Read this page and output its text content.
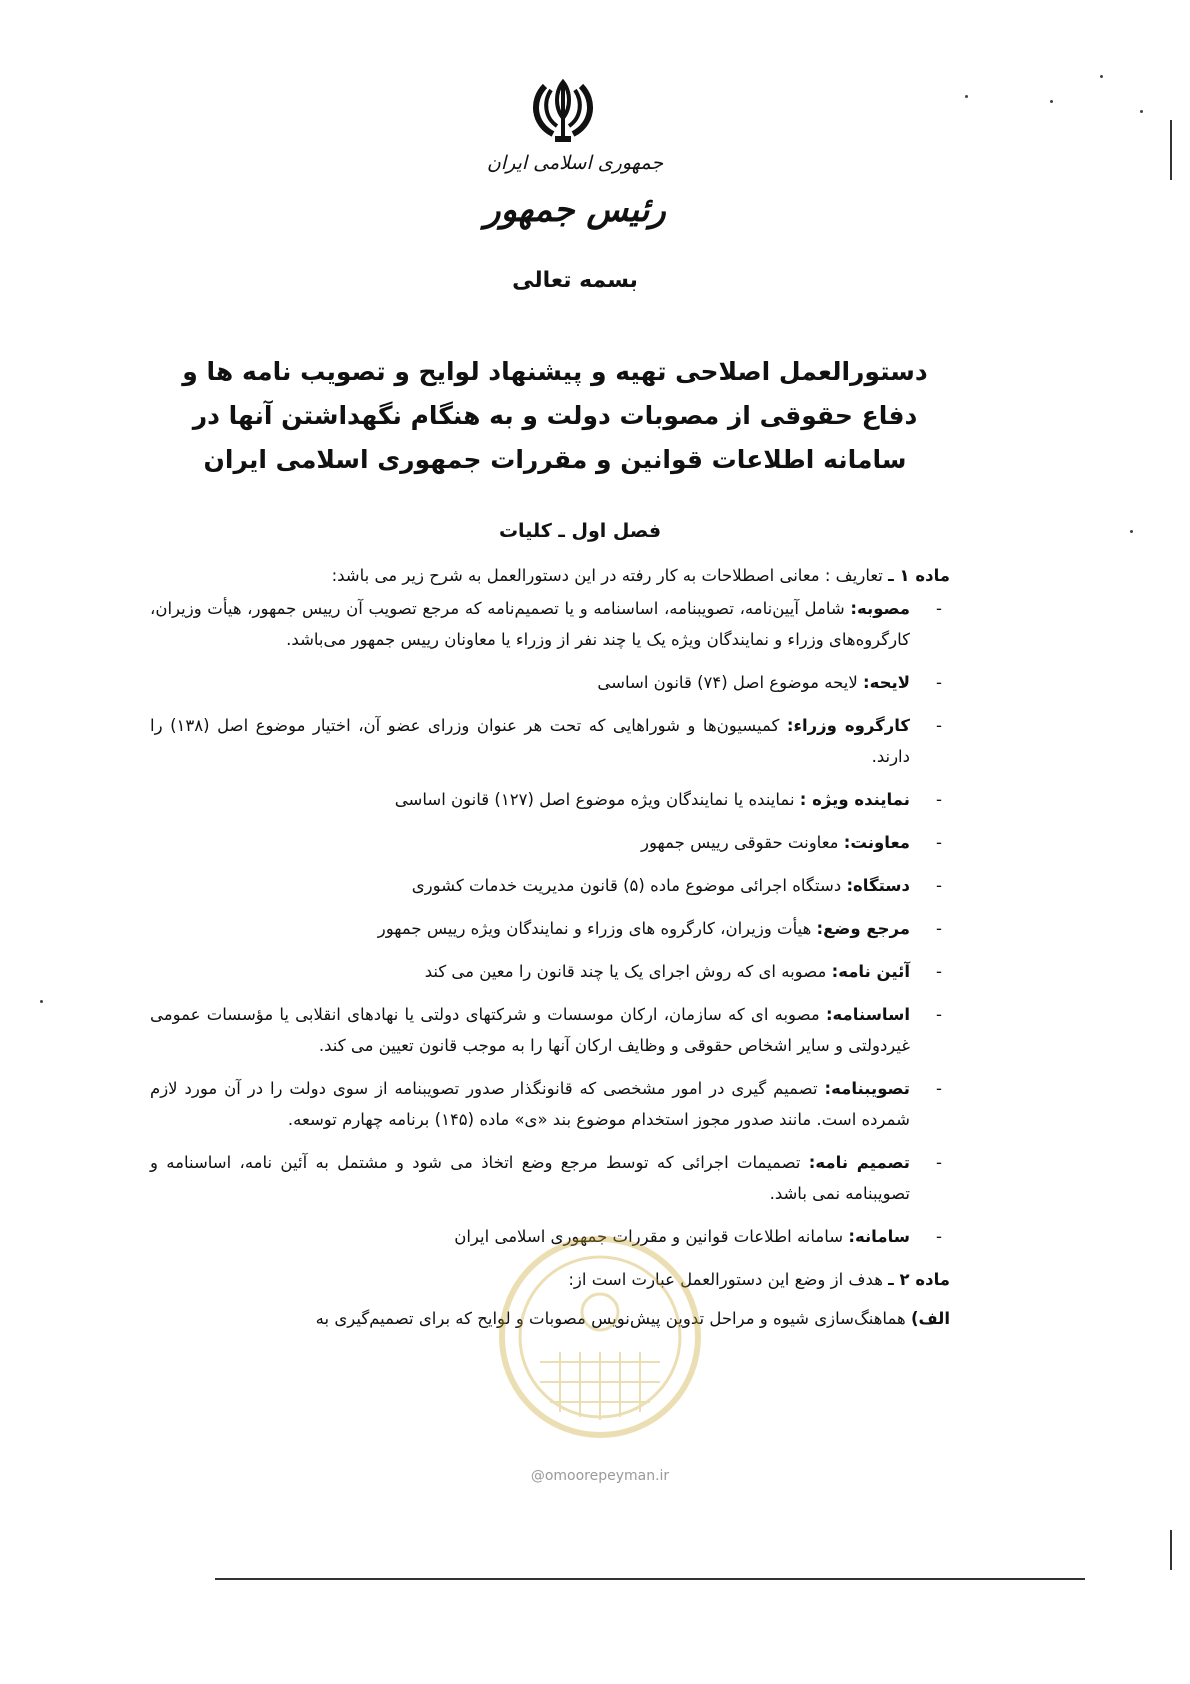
جمهوری اسلامی ایران
رئیس جمهور
بسمه تعالی
دستورالعمل اصلاحی تهیه و پیشنهاد لوایح و تصویب نامه ها و دفاع حقوقی از مصوبات دولت و به هنگام نگهداشتن آنها در سامانه اطلاعات قوانین و مقررات جمهوری اسلامی ایران
فصل اول ـ کلیات

ماده ۱ ـ تعاریف : معانی اصطلاحات به کار رفته در این دستورالعمل به شرح زیر می باشد:

-
مصوبه: شامل آیین‌نامه، تصویبنامه، اساسنامه و یا تصمیم‌نامه که مرجع تصویب آن رییس جمهور، هیأت وزیران، کارگروه‌های وزراء و نمایندگان ویژه یک یا چند نفر از وزراء یا معاونان رییس جمهور می‌باشد.
-
لایحه: لایحه موضوع اصل (۷۴) قانون اساسی
-
کارگروه وزراء: کمیسیون‌ها و شوراهایی که تحت هر عنوان وزرای عضو آن، اختیار موضوع اصل (۱۳۸) را دارند.
-
نماینده ویژه : نماینده یا نمایندگان ویژه موضوع اصل (۱۲۷) قانون اساسی
-
معاونت: معاونت حقوقی رییس جمهور
-
دستگاه: دستگاه اجرائی موضوع ماده (۵) قانون مدیریت خدمات کشوری
-
مرجع وضع: هیأت وزیران، کارگروه های وزراء و نمایندگان ویژه رییس جمهور
-
آئین نامه: مصوبه ای که روش اجرای یک یا چند قانون را معین می کند
-
اساسنامه: مصوبه ای که سازمان، ارکان موسسات و شرکتهای دولتی یا نهادهای انقلابی یا مؤسسات عمومی غیردولتی و سایر اشخاص حقوقی و وظایف ارکان آنها را به موجب قانون تعیین می کند.
-
تصویبنامه: تصمیم گیری در امور مشخصی که قانونگذار صدور تصویبنامه از سوی دولت را در آن مورد لازم شمرده است. مانند صدور مجوز استخدام موضوع بند «ی» ماده (۱۴۵) برنامه چهارم توسعه.
-
تصمیم نامه: تصمیمات اجرائی که توسط مرجع وضع اتخاذ می شود و مشتمل به آئین نامه، اساسنامه و تصویبنامه نمی باشد.
-
سامانه: سامانه اطلاعات قوانین و مقررات جمهوری اسلامی ایران

ماده ۲ ـ هدف از وضع این دستورالعمل عبارت است از:

الف) هماهنگ‌سازی شیوه و مراحل تدوین پیش‌نویس مصوبات و لوایح که برای تصمیم‌گیری به

@omoorepeyman.ir
